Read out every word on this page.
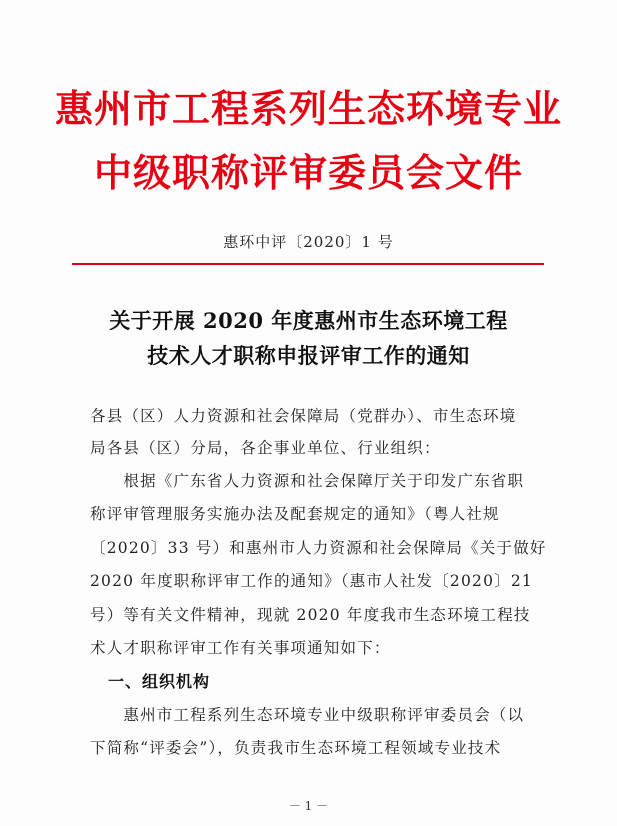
惠州市工程系列生态环境专业
中级职称评审委员会文件
惠环中评〔2020〕1 号
关于开展 2020 年度惠州市生态环境工程
技术人才职称申报评审工作的通知
各县（区）人力资源和社会保障局（党群办）、市生态环境
局各县（区）分局，各企事业单位、行业组织：
　　根据《广东省人力资源和社会保障厅关于印发广东省职
称评审管理服务实施办法及配套规定的通知》（粤人社规
〔2020〕33 号）和惠州市人力资源和社会保障局《关于做好
2020 年度职称评审工作的通知》（惠市人社发〔2020〕21
号）等有关文件精神，现就 2020 年度我市生态环境工程技
术人才职称评审工作有关事项通知如下：
一、组织机构
　　惠州市工程系列生态环境专业中级职称评审委员会（以
下简称“评委会”），负责我市生态环境工程领域专业技术
－ 1 －
